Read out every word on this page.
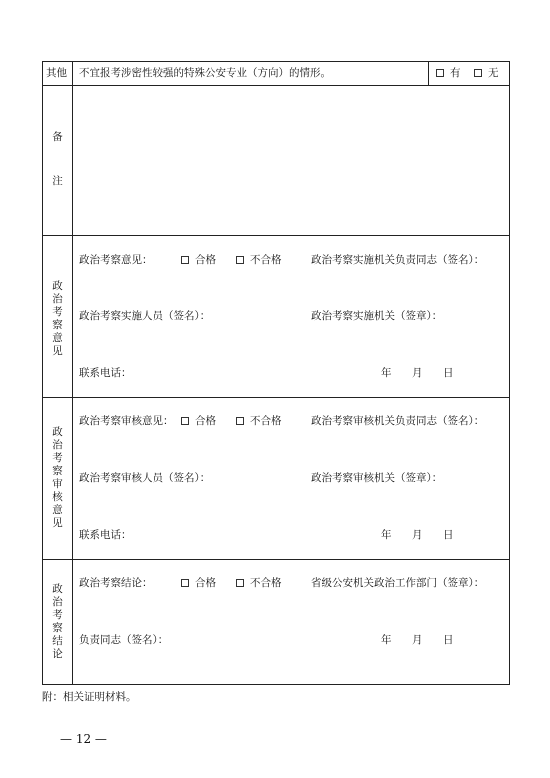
其他 不宜报考涉密性较强的特殊公安专业（方向）的情形。	有	无
备
注
政
治
考
察
意
见
政治考察意见：	合格	不合格	政治考察实施机关负责同志（签名）：
政治考察实施人员（签名）：	政治考察实施机关（签章）：
联系电话：	年 月 日
政
治
考
察
审
核
意
见
政治考察审核意见：	合格	不合格	政治考察审核机关负责同志（签名）：
政治考察审核人员（签名）：	政治考察审核机关（签章）：
联系电话：	年 月 日
政
治
考
察
结
论
政治考察结论：	合格	不合格	省级公安机关政治工作部门（签章）：
负责同志（签名）：	年 月 日
附：相关证明材料。
— 12 —
